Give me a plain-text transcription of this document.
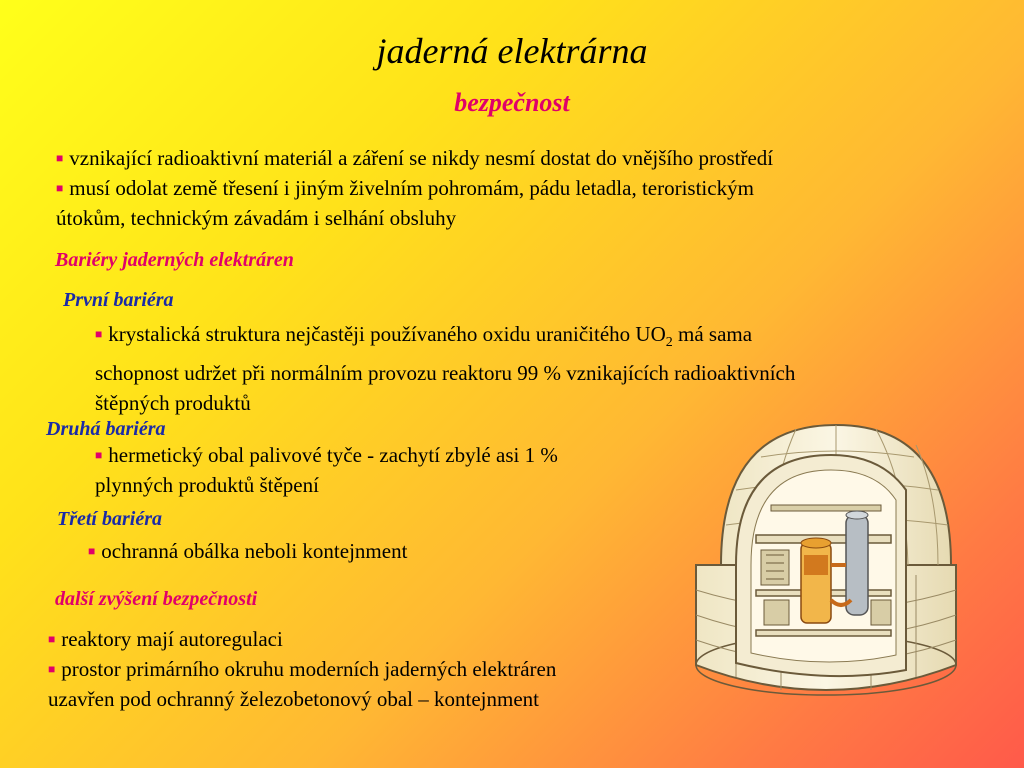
jaderná elektrárna
bezpečnost
■ vznikající radioaktivní materiál a záření se nikdy nesmí dostat do vnějšího prostředí
■ musí odolat země třesení i jiným živelním pohromám, pádu letadla, teroristickým
útokům, technickým závadám i selhání obsluhy
Bariéry jaderných elektráren
První bariéra
■ krystalická struktura nejčastěji používaného oxidu uraničitého $UO_2$ má sama
schopnost udržet při normálním provozu reaktoru 99 % vznikajících radioaktivních
štěpných produktů
Druhá bariéra
■ hermetický obal palivové tyče - zachytí zbylé asi 1 %
plynných produktů štěpení
Třetí bariéra
■ ochranná obálka neboli kontejnment
další zvýšení bezpečnosti
■ reaktory mají autoregulaci
■ prostor primárního okruhu moderních jaderných elektráren
uzavřen pod ochranný železobetonový obal – kontejnment
